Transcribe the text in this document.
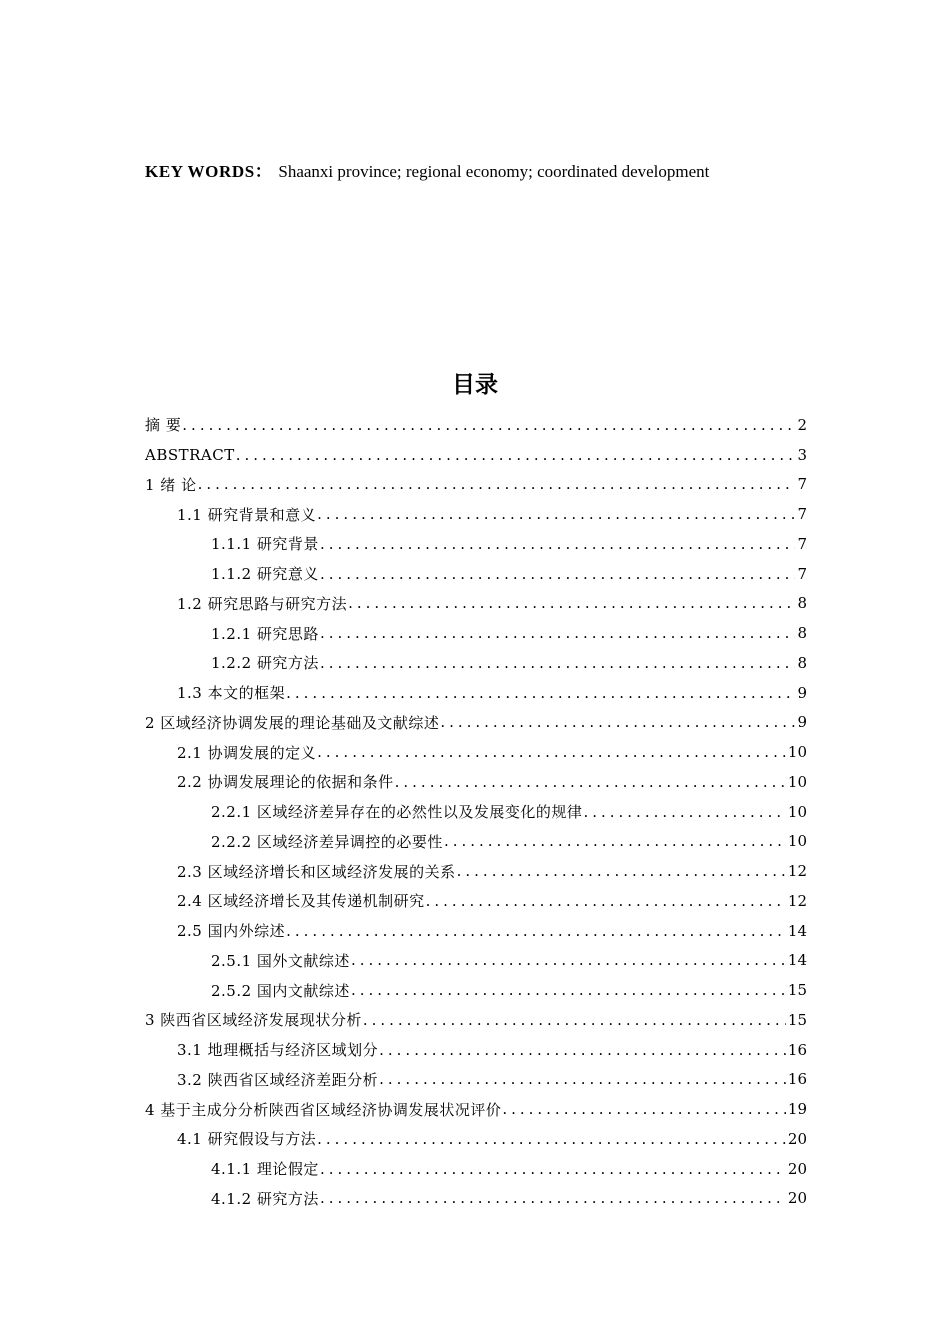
KEY WORDS： Shaanxi province; regional economy; coordinated development
目录
摘 要 .....	2
ABSTRACT .....	3
1 绪 论 .....	7
1.1 研究背景和意义 .....	7
1.1.1 研究背景 .....	7
1.1.2 研究意义 .....	7
1.2 研究思路与研究方法 .....	8
1.2.1 研究思路 .....	8
1.2.2 研究方法 .....	8
1.3 本文的框架 .....	9
2 区域经济协调发展的理论基础及文献综述 .....	9
2.1 协调发展的定义 .....	10
2.2 协调发展理论的依据和条件 .....	10
2.2.1 区域经济差异存在的必然性以及发展变化的规律 .....	10
2.2.2 区域经济差异调控的必要性 .....	10
2.3 区域经济增长和区域经济发展的关系 .....	12
2.4 区域经济增长及其传递机制研究 .....	12
2.5 国内外综述 .....	14
2.5.1 国外文献综述 .....	14
2.5.2 国内文献综述 .....	15
3 陕西省区域经济发展现状分析 .....	15
3.1 地理概括与经济区域划分 .....	16
3.2 陕西省区域经济差距分析 .....	16
4 基于主成分分析陕西省区域经济协调发展状况评价 .....	19
4.1 研究假设与方法 .....	20
4.1.1 理论假定 .....	20
4.1.2 研究方法 .....	20
